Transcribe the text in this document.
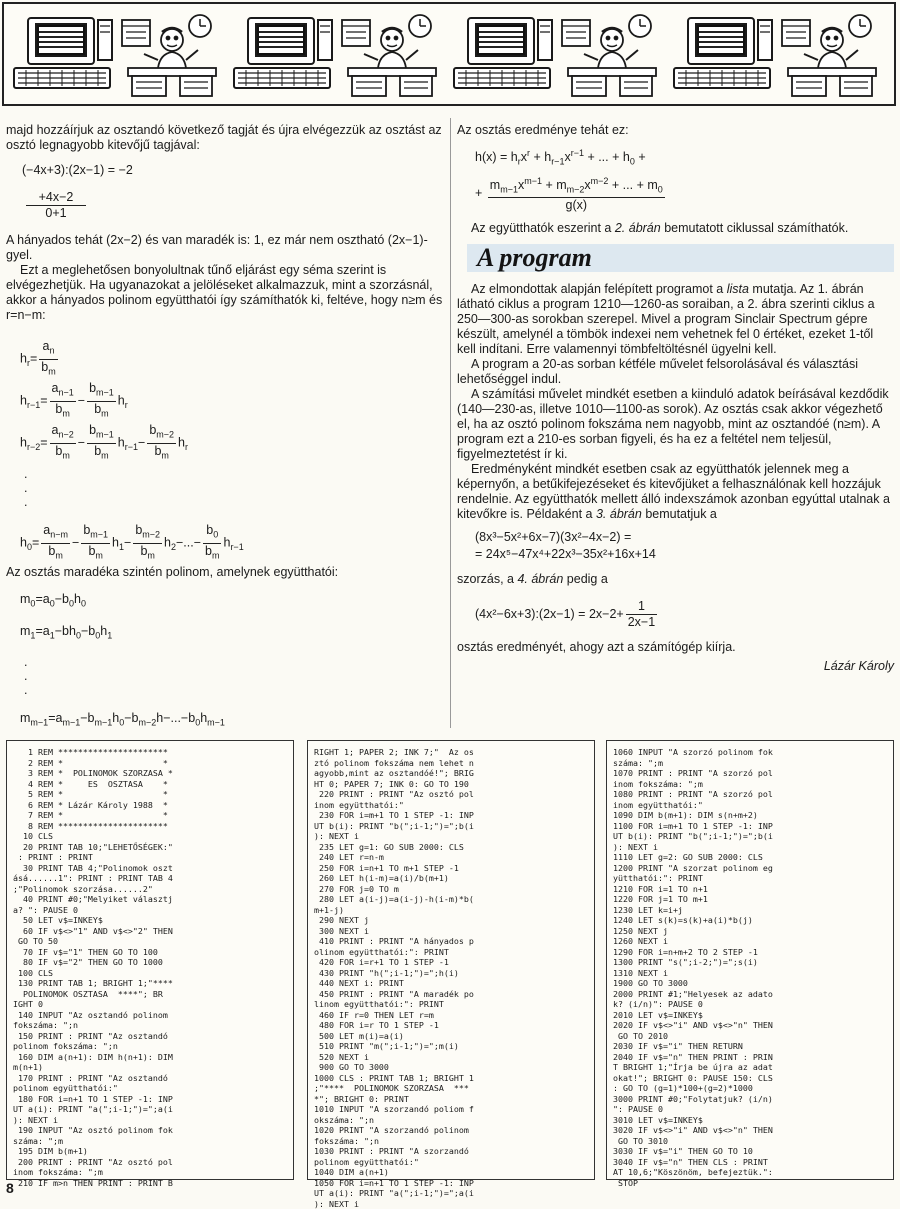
majd hozzáírjuk az osztandó következő tagját és újra elvégezzük az osztást az osztó legnagyobb kitevőjű tagjával:

(−4x+3):(2x−1) = −2
+4x−2
0+1

A hányados tehát (2x−2) és van maradék is: 1, ez már nem osztható (2x−1)-gyel.

Ezt a meglehetősen bonyolultnak tűnő eljárást egy séma szerint is elvégezhetjük. Ha ugyanazokat a jelöléseket alkalmazzuk, mint a szorzásnál, akkor a hányados polinom együtthatói így számíthatók ki, feltéve, hogy n≥m és r=n−m:

$h_r= \frac{a_n}{b_m}$
$h_{r-1}= \frac{a_{n-1}}{b_m} - \frac{b_{m-1}}{b_m} h_r$
$h_{r-2}= \frac{a_{n-2}}{b_m} - \frac{b_{m-1}}{b_m} h_{r-1}- \frac{b_{m-2}}{b_m} h_r$
.
.
.
$h_0= \frac{a_{n-m}}{b_m} - \frac{b_{m-1}}{b_m} h_1- \frac{b_{m-2}}{b_m} h_2-...- \frac{b_0}{b_m} h_{r-1}$

Az osztás maradéka szintén polinom, amelynek együtthatói:

$m_0=a_0-b_0h_0$
$m_1=a_1-bh_0-b_0h_1$
.
.
.
$m_{m-1}=a_{m-1}-b_{m-1}h_0-b_{m-2}h-...-b_0h_{m-1}$

Az osztás eredménye tehát ez:

$h(x) = h_rx^r + h_{r-1}x^{r-1}$ + ... + $h_0$ +
+ $\frac{m_{m-1}x^{m-1} + m_{m-2}x^{m-2} + ... + m_0}{g(x)}$

Az együtthatók eszerint a 2. ábrán bemutatott ciklussal számíthatók.

A program

Az elmondottak alapján felépített programot a lista mutatja. Az 1. ábrán látható ciklus a program 1210—1260-as soraiban, a 2. ábra szerinti ciklus a 250—300-as sorokban szerepel. Mivel a program Sinclair Spectrum gépre készült, amelynél a tömbök indexei nem vehetnek fel 0 értéket, ezeket 1-től kell indítani. Erre valamennyi tömbfeltöltésnél ügyelni kell.

A program a 20-as sorban kétféle művelet felsorolásával és választási lehetőséggel indul.

A számítási művelet mindkét esetben a kiinduló adatok beírásával kezdődik (140—230-as, illetve 1010—1100-as sorok). Az osztás csak akkor végezhető el, ha az osztó polinom fokszáma nem nagyobb, mint az osztandóé (n≥m). A program ezt a 210-es sorban figyeli, és ha ez a feltétel nem teljesül, figyelmeztetést ír ki.

Eredményként mindkét esetben csak az együtthatók jelennek meg a képernyőn, a betűkifejezéseket és kitevőjüket a felhasználónak kell hozzájuk rendelnie. Az együtthatók mellett álló indexszámok azonban egyúttal utalnak a kitevőkre is. Példaként a 3. ábrán bemutatjuk a

(8x³−5x²+6x−7)(3x²−4x−2) =
= 24x⁵−47x⁴+22x³−35x²+16x+14

szorzás, a 4. ábrán pedig a

(4x²−6x+3):(2x−1) = $2x-2+ \frac{1}{2x-1}$

osztás eredményét, ahogy azt a számítógép kiírja.

Lázár Károly
1 REM **********************
2 REM *                    *
3 REM *  POLINOMOK SZORZASA *
4 REM *     ES  OSZTASA    *
5 REM *                    *
6 REM * Lázár Károly 1988  *
7 REM *                    *
8 REM **********************
10 CLS
20 PRINT TAB 10;"LEHETŐSÉGEK:"
: PRINT : PRINT
30 PRINT TAB 4;"Polinomok oszt
ásá......1": PRINT : PRINT TAB 4
;"Polinomok szorzása......2"
40 PRINT #0;"Melyiket választj
a? ": PAUSE 0
50 LET v$=INKEY$
60 IF v$<>"1" AND v$<>"2" THEN
GO TO 50
70 IF v$="1" THEN GO TO 100
80 IF v$="2" THEN GO TO 1000
100 CLS
130 PRINT TAB 1; BRIGHT 1;"****
POLINOMOK OSZTASA  ****"; BR
IGHT 0
140 INPUT "Az osztandó polinom
fokszáma: ";n
150 PRINT : PRINT "Az osztandó
polinom fokszáma: ";n
160 DIM a(n+1): DIM h(n+1): DIM
m(n+1)
170 PRINT : PRINT "Az osztandó
polinom együtthatói:"
180 FOR i=n+1 TO 1 STEP -1: INP
UT a(i): PRINT "a(";i-1;")=";a(i
): NEXT i
190 INPUT "Az osztó polinom fok
száma: ";m
195 DIM b(m+1)
200 PRINT : PRINT "Az osztó pol
inom fokszáma: ";m
210 IF m>n THEN PRINT : PRINT B
RIGHT 1; PAPER 2; INK 7;"  Az os
ztó polinom fokszáma nem lehet n
agyobb,mint az osztandóé!"; BRIG
HT 0; PAPER 7; INK 0: GO TO 190
220 PRINT : PRINT "Az osztó pol
inom együtthatói:"
230 FOR i=m+1 TO 1 STEP -1: INP
UT b(i): PRINT "b(";i-1;")=";b(i
): NEXT i
235 LET g=1: GO SUB 2000: CLS
240 LET r=n-m
250 FOR i=n+1 TO m+1 STEP -1
260 LET h(i-m)=a(i)/b(m+1)
270 FOR j=0 TO m
280 LET a(i-j)=a(i-j)-h(i-m)*b(
m+1-j)
290 NEXT j
300 NEXT i
410 PRINT : PRINT "A hányados p
olinom együtthatói:": PRINT
420 FOR i=r+1 TO 1 STEP -1
430 PRINT "h(";i-1;")=";h(i)
440 NEXT i: PRINT
450 PRINT : PRINT "A maradék po
linom együtthatói:": PRINT
460 IF r=0 THEN LET r=m
480 FOR i=r TO 1 STEP -1
500 LET m(i)=a(i)
510 PRINT "m(";i-1;")=";m(i)
520 NEXT i
900 GO TO 3000
1000 CLS : PRINT TAB 1; BRIGHT 1
;"****  POLINOMOK SZORZASA  ***
*"; BRIGHT 0: PRINT
1010 INPUT "A szorzandó poliom f
okszáma: ";n
1020 PRINT "A szorzandó polinom
fokszáma: ";n
1030 PRINT : PRINT "A szorzandó
polinom együtthatói:"
1040 DIM a(n+1)
1050 FOR i=n+1 TO 1 STEP -1: INP
UT a(i): PRINT "a(";i-1;")=";a(i
): NEXT i
1060 INPUT "A szorzó polinom fok
száma: ";m
1070 PRINT : PRINT "A szorzó pol
inom fokszáma: ";m
1080 PRINT : PRINT "A szorzó pol
inom együtthatói:"
1090 DIM b(m+1): DIM s(n+m+2)
1100 FOR i=m+1 TO 1 STEP -1: INP
UT b(i): PRINT "b(";i-1;")=";b(i
): NEXT i
1110 LET g=2: GO SUB 2000: CLS
1200 PRINT "A szorzat polinom eg
yütthatói:": PRINT
1210 FOR i=1 TO n+1
1220 FOR j=1 TO m+1
1230 LET k=i+j
1240 LET s(k)=s(k)+a(i)*b(j)
1250 NEXT j
1260 NEXT i
1290 FOR i=n+m+2 TO 2 STEP -1
1300 PRINT "s(";i-2;")=";s(i)
1310 NEXT i
1900 GO TO 3000
2000 PRINT #1;"Helyesek az adato
k? (i/n)": PAUSE 0
2010 LET v$=INKEY$
2020 IF v$<>"i" AND v$<>"n" THEN
GO TO 2010
2030 IF v$="i" THEN RETURN
2040 IF v$="n" THEN PRINT : PRIN
T BRIGHT 1;"Írja be újra az adat
okat!"; BRIGHT 0: PAUSE 150: CLS
: GO TO (g=1)*100+(g=2)*1000
3000 PRINT #0;"Folytatjuk? (i/n)
": PAUSE 0
3010 LET v$=INKEY$
3020 IF v$<>"i" AND v$<>"n" THEN
GO TO 3010
3030 IF v$="i" THEN GO TO 10
3040 IF v$="n" THEN CLS : PRINT
AT 10,6;"Köszönöm, befejeztük.":
STOP
8
